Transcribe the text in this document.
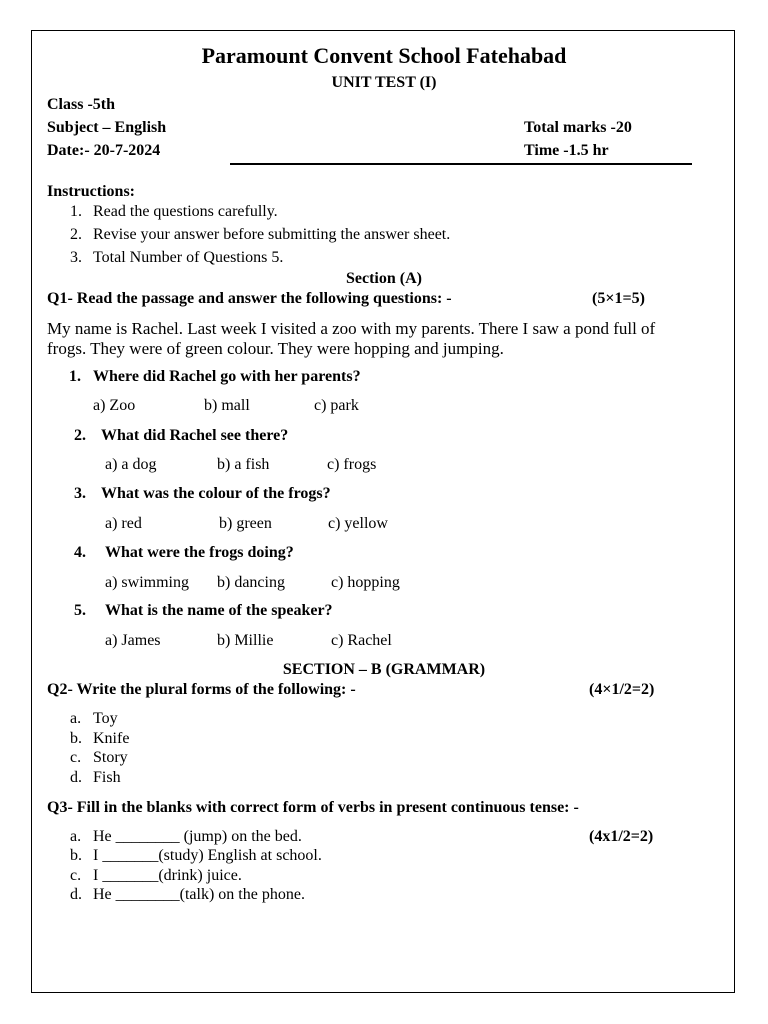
Paramount Convent School Fatehabad
UNIT TEST (I)
Class -5th
Subject – English	Total marks -20
Date:- 20-7-2024	Time -1.5 hr
Instructions:
1. Read the questions carefully.
2. Revise your answer before submitting the answer sheet.
3. Total Number of Questions 5.
Section (A)
Q1- Read the passage and answer the following questions: -	(5×1=5)
My name is Rachel. Last week I visited a zoo with my parents. There I saw a pond full of
frogs. They were of green colour. They were hopping and jumping.
1. Where did Rachel go with her parents?
a) Zoo	b) mall	c) park
2. What did Rachel see there?
a) a dog	b) a fish	c) frogs
3. What was the colour of the frogs?
a) red	b) green	c) yellow
4. What were the frogs doing?
a) swimming b) dancing	c) hopping
5. What is the name of the speaker?
a) James	b) Millie	c) Rachel
SECTION – B (GRAMMAR)
Q2- Write the plural forms of the following: -	(4×1/2=2)
a. Toy
b. Knife
c. Story
d. Fish
Q3- Fill in the blanks with correct form of verbs in present continuous tense: -
a. He ________ (jump) on the bed.	(4x1/2=2)
b. I _______(study) English at school.
c. I _______(drink) juice.
d. He ________(talk) on the phone.
